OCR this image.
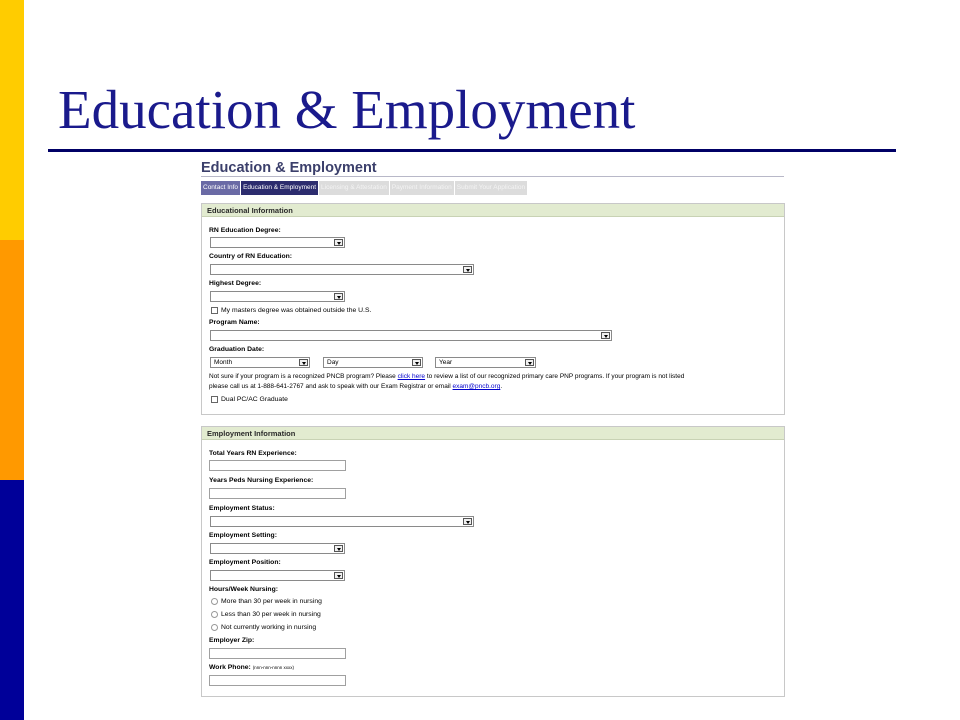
Education & Employment
Education & Employment
Contact Info Education & Employment Licensing & Attestation Payment Information Submit Your Application
Educational Information
RN Education Degree:
Country of RN Education:
Highest Degree:
My masters degree was obtained outside the U.S.
Program Name:
Graduation Date:
Month	Day	Year
Not sure if your program is a recognized PNCB program? Please click here to review a list of our recognized primary care PNP programs. If your program is not listed
please call us at 1-888-641-2767 and ask to speak with our Exam Registrar or email exam@pncb.org.
Dual PC/AC Graduate
Employment Information
Total Years RN Experience:
Years Peds Nursing Experience:
Employment Status:
Employment Setting:
Employment Position:
Hours/Week Nursing:
More than 30 per week in nursing
Less than 30 per week in nursing
Not currently working in nursing
Employer Zip:
Work Phone: (nnn-nnn-nnnn xxxx)
